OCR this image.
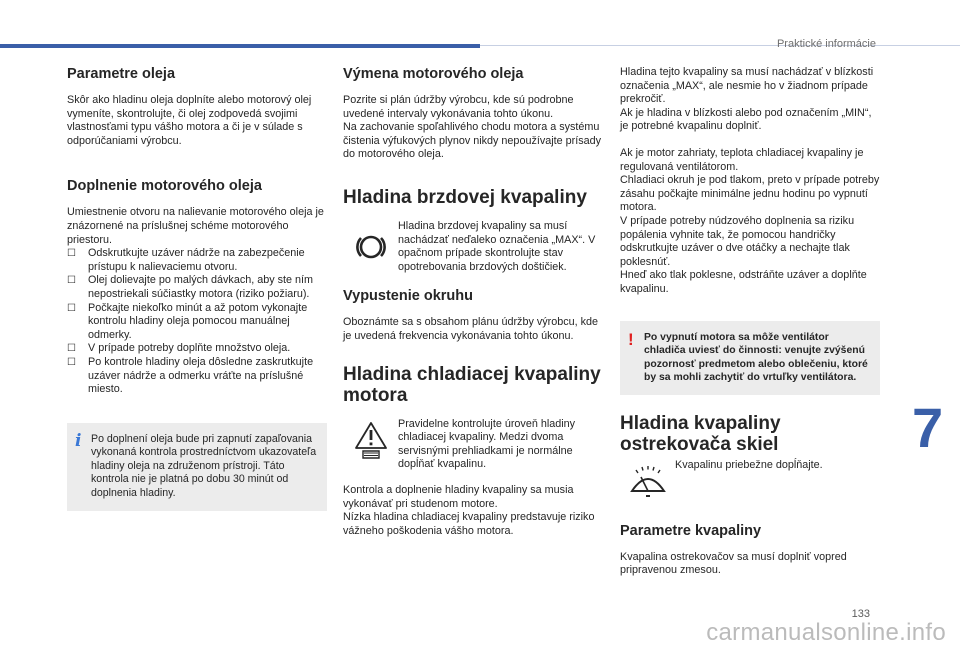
Praktické informácie
Parametre oleja

Skôr ako hladinu oleja doplníte alebo motorový olej vymeníte, skontrolujte, či olej zodpovedá svojimi vlastnosťami typu vášho motora a či je v súlade s odporúčaniami výrobcu.

Doplnenie motorového oleja

Umiestnenie otvoru na nalievanie motorového oleja je znázornené na príslušnej schéme motorového priestoru.

☐ Odskrutkujte uzáver nádrže na zabezpečenie prístupu k nalievaciemu otvoru.
☐ Olej dolievajte po malých dávkach, aby ste ním nepostriekali súčiastky motora (riziko požiaru).
☐ Počkajte niekoľko minút a až potom vykonajte kontrolu hladiny oleja pomocou manuálnej odmerky.
☐ V prípade potreby doplňte množstvo oleja.
☐ Po kontrole hladiny oleja dôsledne zaskrutkujte uzáver nádrže a odmerku vráťte na príslušné miesto.
i Po doplnení oleja bude pri zapnutí zapaľovania vykonaná kontrola prostredníctvom ukazovateľa hladiny oleja na združenom prístroji. Táto kontrola nie je platná po dobu 30 minút od doplnenia hladiny.

Výmena motorového oleja

Pozrite si plán údržby výrobcu, kde sú podrobne uvedené intervaly vykonávania tohto úkonu.

Na zachovanie spoľahlivého chodu motora a systému čistenia výfukových plynov nikdy nepoužívajte prísady do motorového oleja.

Hladina brzdovej kvapaliny

Hladina brzdovej kvapaliny sa musí nachádzať neďaleko označenia „MAX“. V opačnom prípade skontrolujte stav opotrebovania brzdových doštičiek.

Vypustenie okruhu

Oboznámte sa s obsahom plánu údržby výrobcu, kde je uvedená frekvencia vykonávania tohto úkonu.

Hladina chladiacej kvapaliny motora

Pravidelne kontrolujte úroveň hladiny chladiacej kvapaliny. Medzi dvoma servisnými prehliadkami je normálne dopĺňať kvapalinu.

Kontrola a doplnenie hladiny kvapaliny sa musia vykonávať pri studenom motore.

Nízka hladina chladiacej kvapaliny predstavuje riziko vážneho poškodenia vášho motora.

Hladina tejto kvapaliny sa musí nachádzať v blízkosti označenia „MAX“, ale nesmie ho v žiadnom prípade prekročiť.

Ak je hladina v blízkosti alebo pod označením „MIN“, je potrebné kvapalinu doplniť.

Ak je motor zahriaty, teplota chladiacej kvapaliny je regulovaná ventilátorom.

Chladiaci okruh je pod tlakom, preto v prípade potreby zásahu počkajte minimálne jednu hodinu po vypnutí motora.

V prípade potreby núdzového doplnenia sa riziku popálenia vyhnite tak, že pomocou handričky odskrutkujte uzáver o dve otáčky a nechajte tlak poklesnúť.

Hneď ako tlak poklesne, odstráňte uzáver a doplňte kvapalinu.

! Po vypnutí motora sa môže ventilátor chladiča uviesť do činnosti: venujte zvýšenú pozornosť predmetom alebo oblečeniu, ktoré by sa mohli zachytiť do vrtuľky ventilátora.

Hladina kvapaliny ostrekovača skiel

Kvapalinu priebežne dopĺňajte.

Parametre kvapaliny

Kvapalina ostrekovačov sa musí doplniť vopred pripravenou zmesou.

7
133
carmanualsonline.info
